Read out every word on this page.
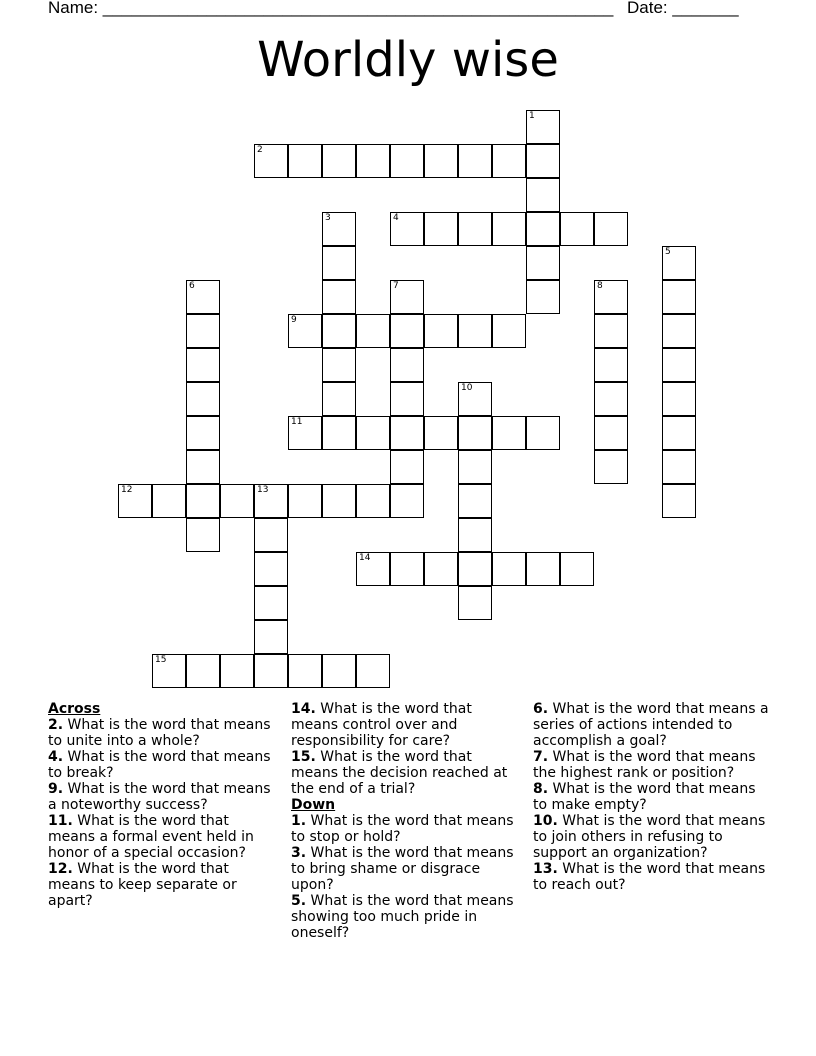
Name: ______________________________________________________ Date: _______
Worldly wise
1
2
3	4
5
6	7	8
9
10
11
12	13
14
15
Across
2. What is the word that means to unite into a whole?
4. What is the word that means to break?
9. What is the word that means a noteworthy success?
11. What is the word that means a formal event held in honor of a special occasion?
12. What is the word that means to keep separate or apart?
14. What is the word that means control over and responsibility for care?
15. What is the word that means the decision reached at the end of a trial?
Down
1. What is the word that means to stop or hold?
3. What is the word that means to bring shame or disgrace upon?
5. What is the word that means showing too much pride in oneself?
6. What is the word that means a series of actions intended to accomplish a goal?
7. What is the word that means the highest rank or position?
8. What is the word that means to make empty?
10. What is the word that means to join others in refusing to support an organization?
13. What is the word that means to reach out?
